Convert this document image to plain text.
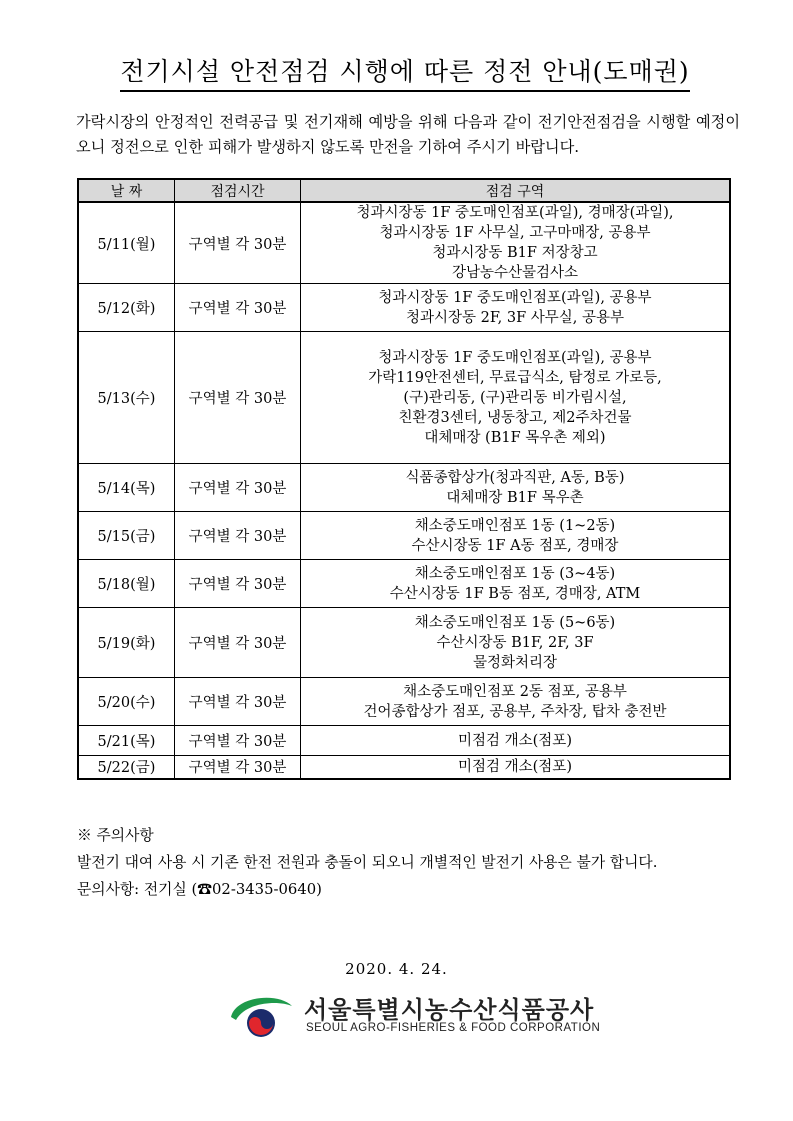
전기시설 안전점검 시행에 따른 정전 안내(도매권)
가락시장의 안정적인 전력공급 및 전기재해 예방을 위해 다음과 같이 전기안전점검을 시행할 예정이오니 정전으로 인한 피해가 발생하지 않도록 만전을 기하여 주시기 바랍니다.
날 짜	점검시간	점검 구역
5/11(월)	구역별 각 30분	청과시장동 1F 중도매인점포(과일), 경매장(과일),
청과시장동 1F 사무실, 고구마매장, 공용부
청과시장동 B1F 저장창고
강남농수산물검사소

5/12(화)	구역별 각 30분	청과시장동 1F 중도매인점포(과일), 공용부
청과시장동 2F, 3F 사무실, 공용부

5/13(수)	구역별 각 30분	청과시장동 1F 중도매인점포(과일), 공용부
가락119안전센터, 무료급식소, 탐정로 가로등,
(구)관리동, (구)관리동 비가림시설,
친환경3센터, 냉동창고, 제2주차건물
대체매장 (B1F 목우촌 제외)

5/14(목)	구역별 각 30분	식품종합상가(청과직판, A동, B동)
대체매장 B1F 목우촌

5/15(금)	구역별 각 30분	채소중도매인점포 1동 (1~2동)
수산시장동 1F A동 점포, 경매장

5/18(월)	구역별 각 30분	채소중도매인점포 1동 (3~4동)
수산시장동 1F B동 점포, 경매장, ATM

5/19(화)	구역별 각 30분	채소중도매인점포 1동 (5~6동)
수산시장동 B1F, 2F, 3F
물정화처리장

5/20(수)	구역별 각 30분	채소중도매인점포 2동 점포, 공용부
건어종합상가 점포, 공용부, 주차장, 탑차 충전반

5/21(목)	구역별 각 30분	미점검 개소(점포)

5/22(금)	구역별 각 30분	미점검 개소(점포)
※ 주의사항
발전기 대여 사용 시 기존 한전 전원과 충돌이 되오니 개별적인 발전기 사용은 불가 합니다.
문의사항: 전기실 (☎02-3435-0640)
2020. 4. 24.
서울특별시농수산식품공사
SEOUL AGRO-FISHERIES & FOOD CORPORATION
